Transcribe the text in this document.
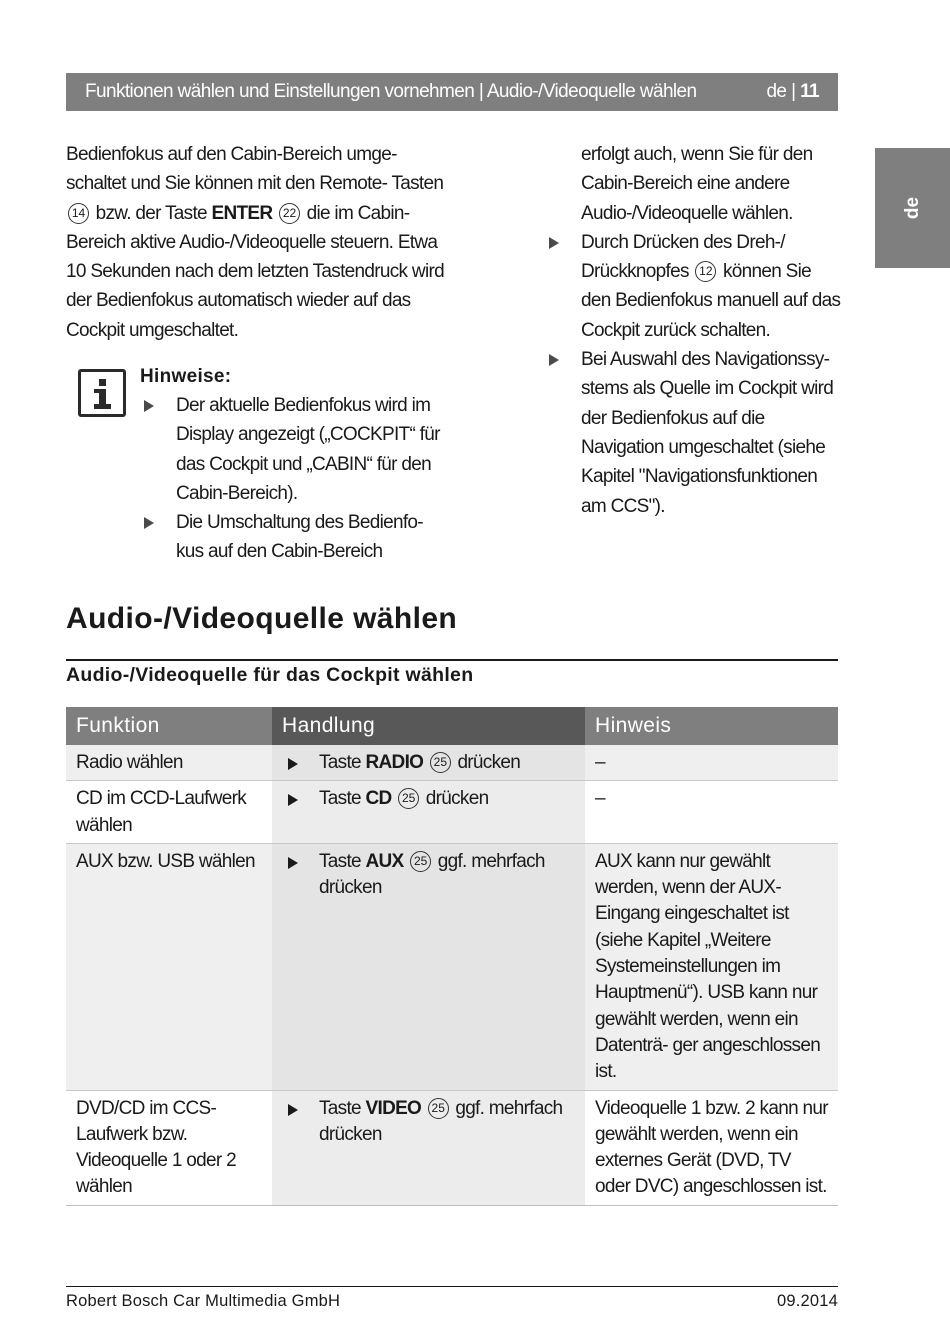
Funktionen wählen und Einstellungen vornehmen | Audio-/Videoquelle wählen	de | 11
de

Bedienfokus auf den Cabin-Bereich umge- schaltet und Sie können mit den Remote- Tasten 14 bzw. der Taste ENTER 22 die im Cabin-Bereich aktive Audio-/Videoquelle steuern. Etwa 10 Sekunden nach dem letzten Tastendruck wird der Bedienfokus automatisch wieder auf das Cockpit umgeschaltet.

Hinweise:
Der aktuelle Bedienfokus wird im Display angezeigt („COCKPIT“ für das Cockpit und „CABIN“ für den Cabin-Bereich).
Die Umschaltung des Bedienfo- kus auf den Cabin-Bereich

erfolgt auch, wenn Sie für den Cabin-Bereich eine andere Audio-/Videoquelle wählen.

Durch Drücken des Dreh-/ Drückknopfes 12 können Sie den Bedienfokus manuell auf das Cockpit zurück schalten.
Bei Auswahl des Navigationssy- stems als Quelle im Cockpit wird der Bedienfokus auf die Navigation umgeschaltet (siehe Kapitel "Navigationsfunktionen am CCS").
Audio-/Videoquelle wählen
Audio-/Videoquelle für das Cockpit wählen
Funktion	Handlung	Hinweis
Radio wählen	Taste RADIO 25 drücken	–
CD im CCD-Laufwerk wählen	Taste CD 25 drücken	–
AUX bzw. USB wählen	Taste AUX 25 ggf. mehrfach drücken	AUX kann nur gewählt werden, wenn der AUX-Eingang eingeschaltet ist (siehe Kapitel „Weitere Systemeinstellungen im Hauptmenü“). USB kann nur gewählt werden, wenn ein Datenträ- ger angeschlossen ist.
DVD/CD im CCS-Laufwerk bzw. Videoquelle 1 oder 2 wählen	Taste VIDEO 25 ggf. mehrfach drücken	Videoquelle 1 bzw. 2 kann nur gewählt werden, wenn ein externes Gerät (DVD, TV oder DVC) angeschlossen ist.
Robert Bosch Car Multimedia GmbH	09.2014
